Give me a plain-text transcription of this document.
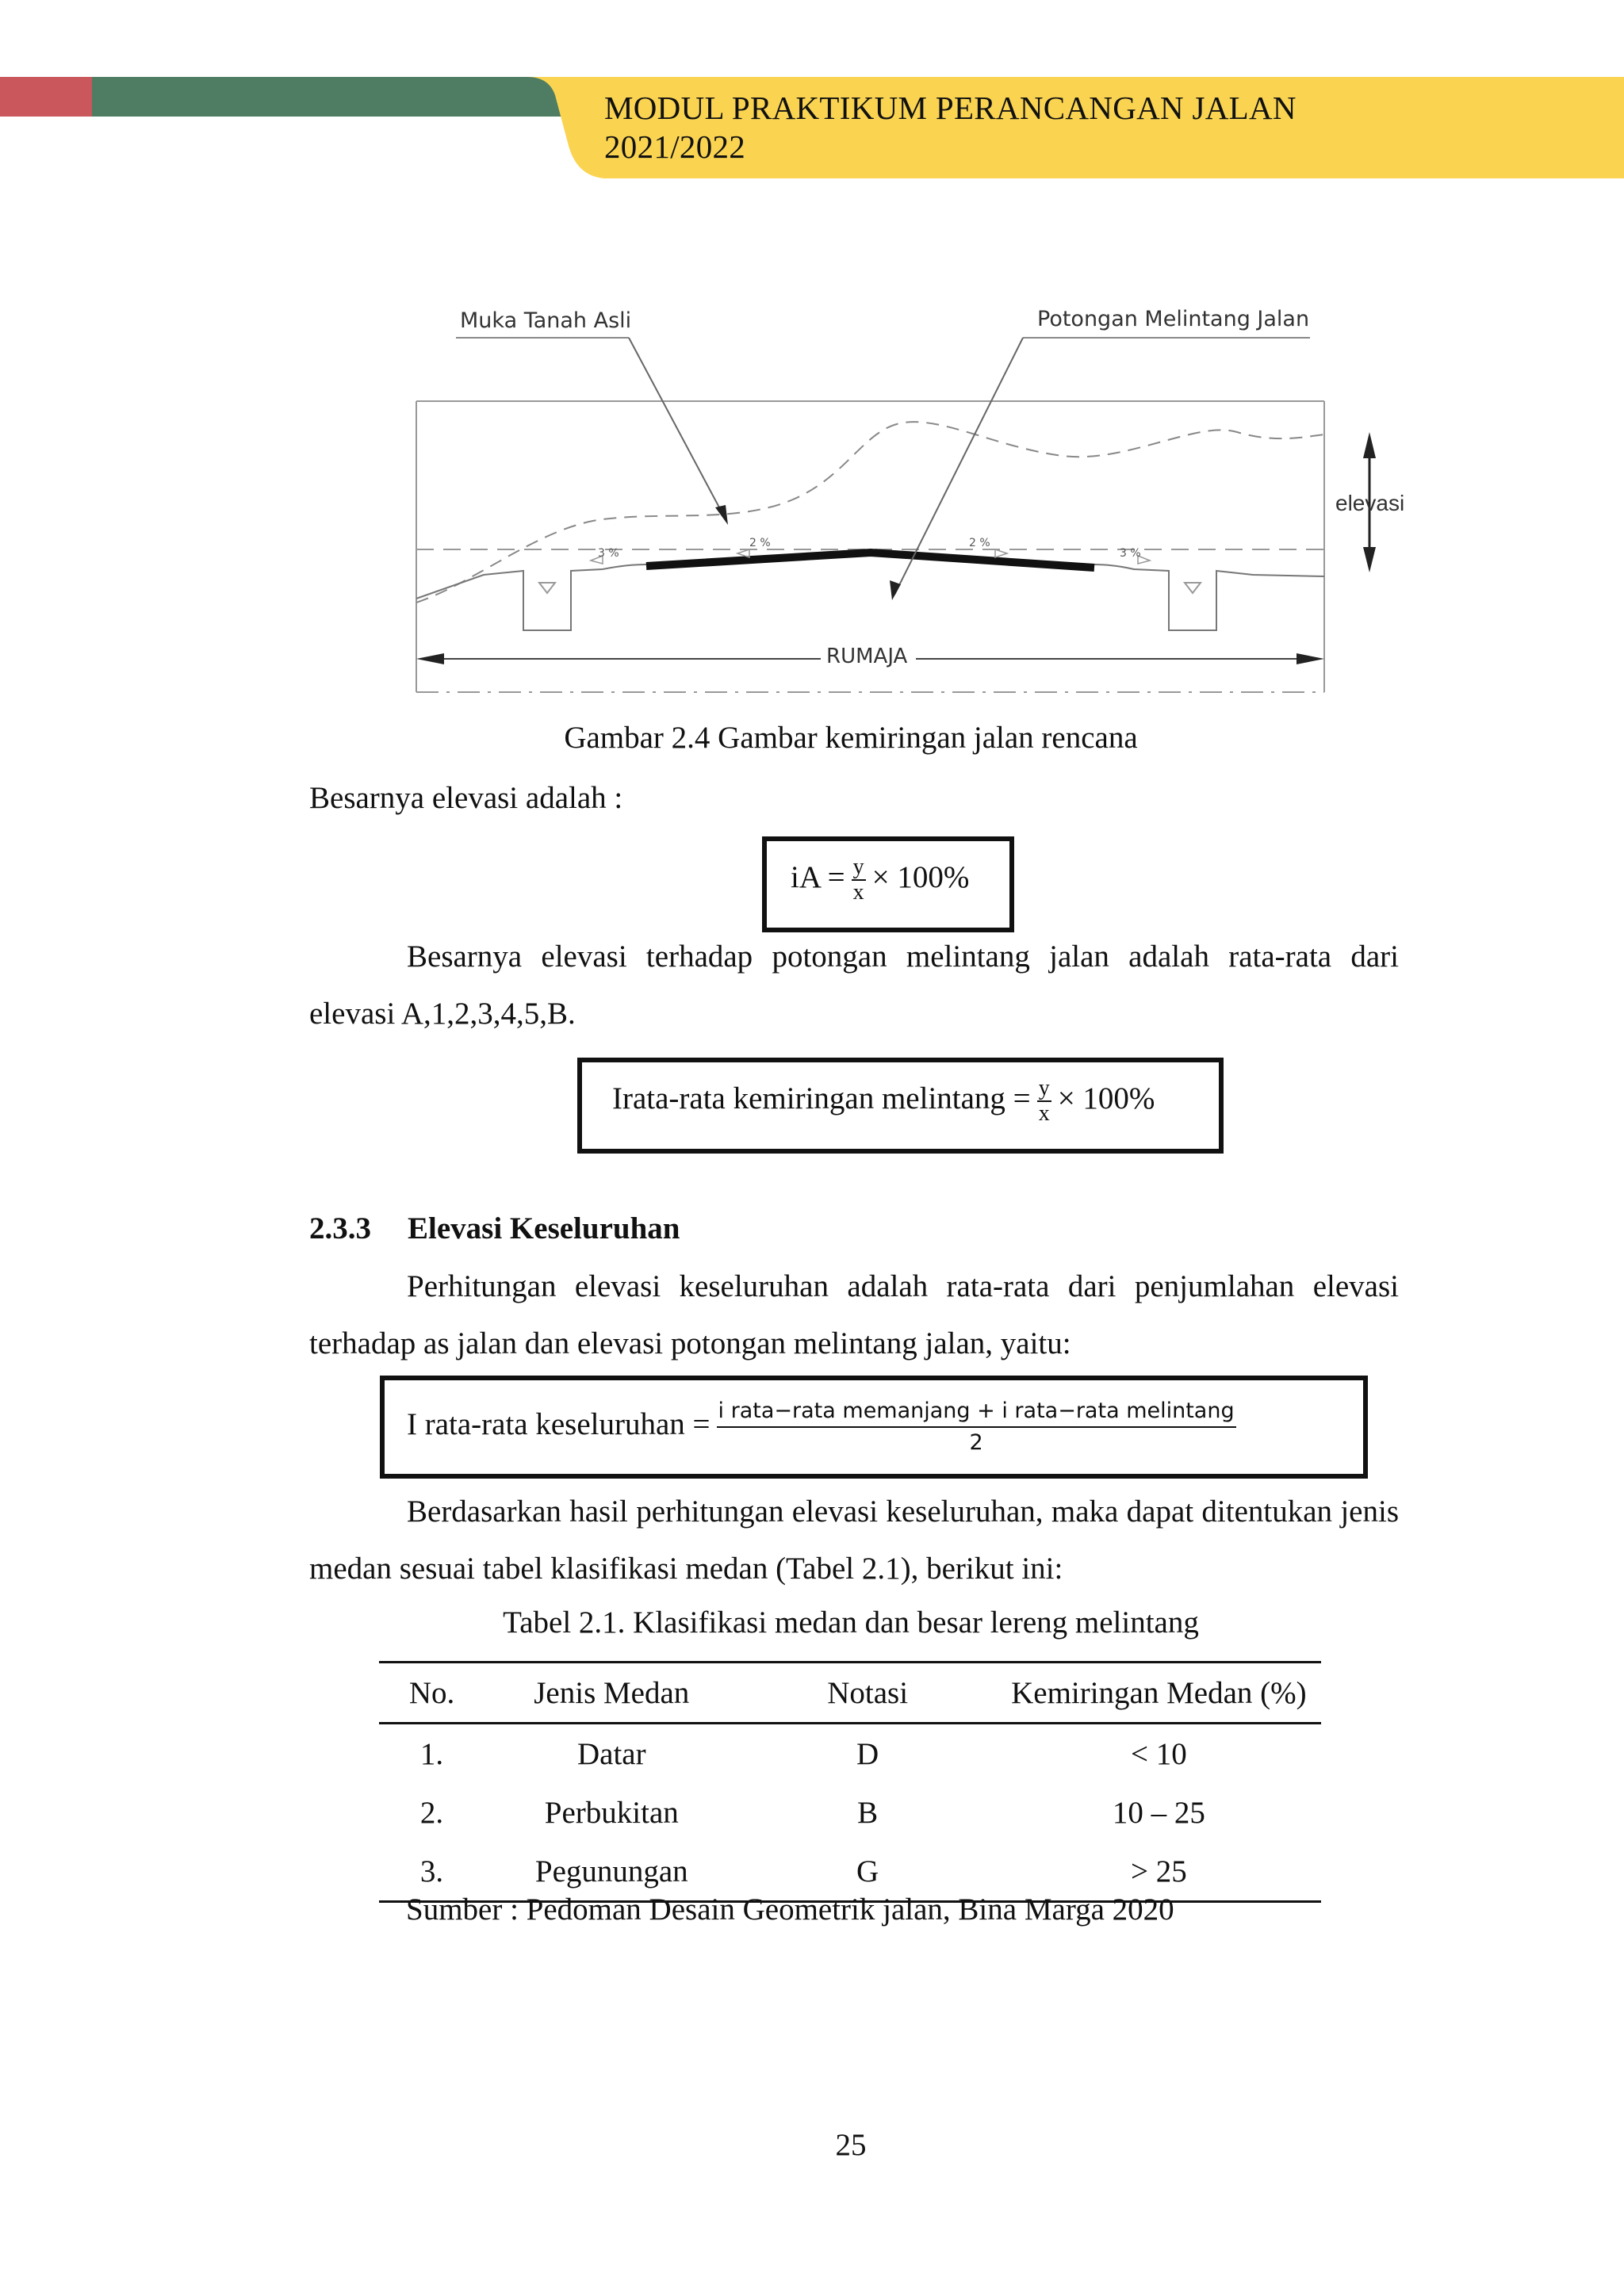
MODUL PRAKTIKUM PERANCANGAN JALAN
2021/2022
Muka Tanah Asli	Potongan Melintang Jalan
elevasi
RUMAJA
3 %
2 %	2 %
3 %
Gambar 2.4 Gambar kemiringan jalan rencana
Besarnya elevasi adalah :
iA = $\frac{y}{x} \times 100\%$
Besarnya elevasi terhadap potongan melintang jalan adalah rata-rata dari elevasi A,1,2,3,4,5,B.
Irata-rata kemiringan melintang = $\frac{y}{x} \times 100\%$
2.3.3 Elevasi Keseluruhan
Perhitungan elevasi keseluruhan adalah rata-rata dari penjumlahan elevasi terhadap as jalan dan elevasi potongan melintang jalan, yaitu:
I rata-rata keseluruhan = $\frac{\text{i rata−rata memanjang + i rata−rata melintang}}{2}$
Berdasarkan hasil perhitungan elevasi keseluruhan, maka dapat ditentukan jenis medan sesuai tabel klasifikasi medan (Tabel 2.1), berikut ini:
Tabel 2.1. Klasifikasi medan dan besar lereng melintang
No.	Jenis Medan	Notasi	Kemiringan Medan (%)
1.	Datar	D	< 10
2.	Perbukitan	B	10 – 25
3.	Pegunungan	G	> 25
Sumber : Pedoman Desain Geometrik jalan, Bina Marga 2020
25
